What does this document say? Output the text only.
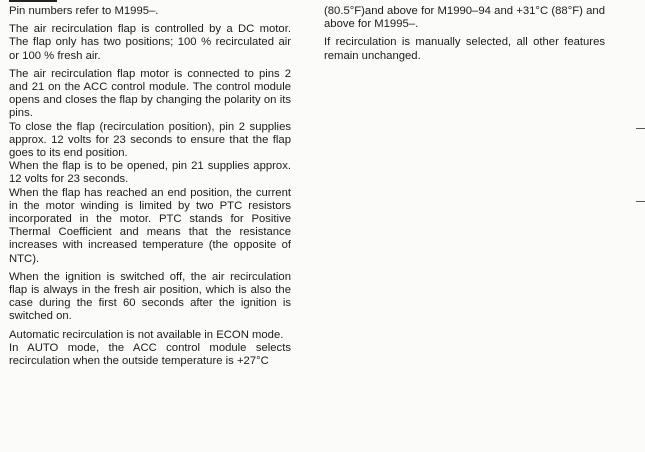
Pin numbers refer to M1995–.

The air recirculation flap is controlled by a DC motor. The flap only has two positions; 100 % recirculated air or 100 % fresh air.

The air recirculation flap motor is connected to pins 2 and 21 on the ACC control module. The control module opens and closes the flap by changing the polarity on its pins.

To close the flap (recirculation position), pin 2 supplies approx. 12 volts for 23 seconds to ensure that the flap goes to its end position.

When the flap is to be opened, pin 21 supplies approx. 12 volts for 23 seconds.

When the flap has reached an end position, the current in the motor winding is limited by two PTC resistors incorporated in the motor. PTC stands for Positive Thermal Coefficient and means that the resistance increases with increased temperature (the opposite of NTC).

When the ignition is switched off, the air recirculation flap is always in the fresh air position, which is also the case during the first 60 seconds after the ignition is switched on.

Automatic recirculation is not available in ECON mode.

In AUTO mode, the ACC control module selects recirculation when the outside temperature is +27°C

(80.5°F)and above for M1990–94 and +31°C (88°F) and above for M1995–.

If recirculation is manually selected, all other features remain unchanged.
